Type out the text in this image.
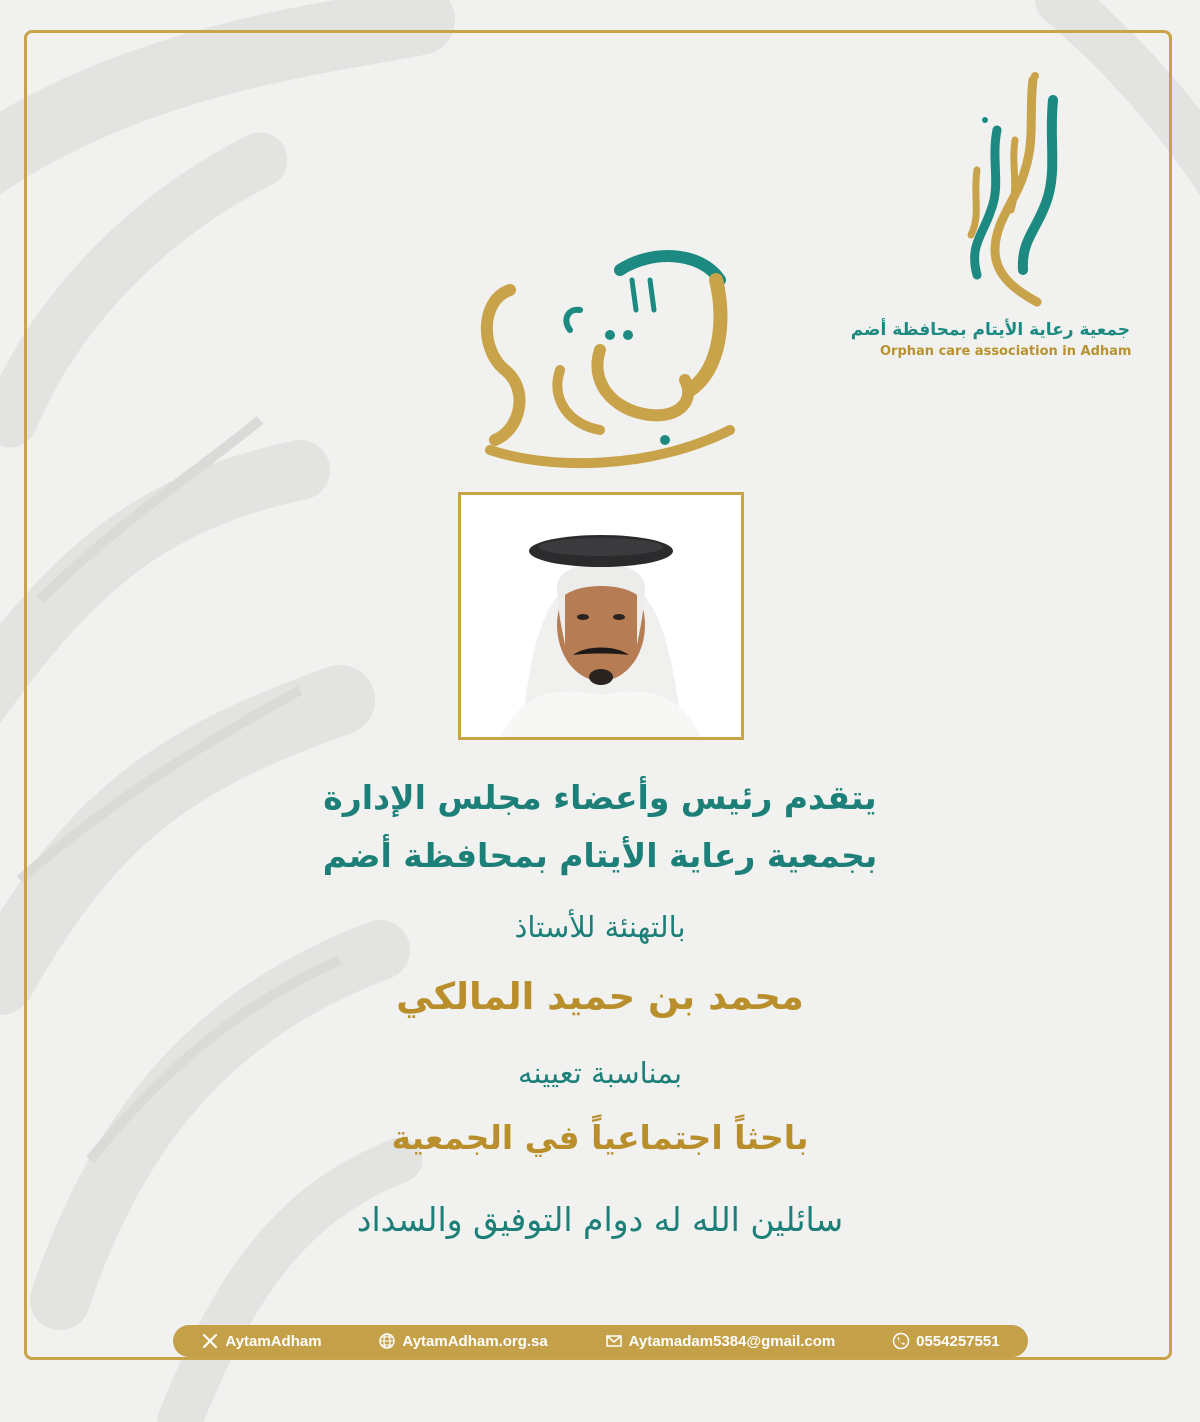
جمعية رعاية الأيتام بمحافظة أضم
Orphan care association in Adham
يتقدم رئيس وأعضاء مجلس الإدارة
بجمعية رعاية الأيتام بمحافظة أضم
بالتهنئة للأستاذ
محمد بن حميد المالكي
بمناسبة تعيينه
باحثاً اجتماعياً في الجمعية
سائلين الله له دوام التوفيق والسداد
AytamAdham	AytamAdham.org.sa	Aytamadam5384@gmail.com	0554257551
